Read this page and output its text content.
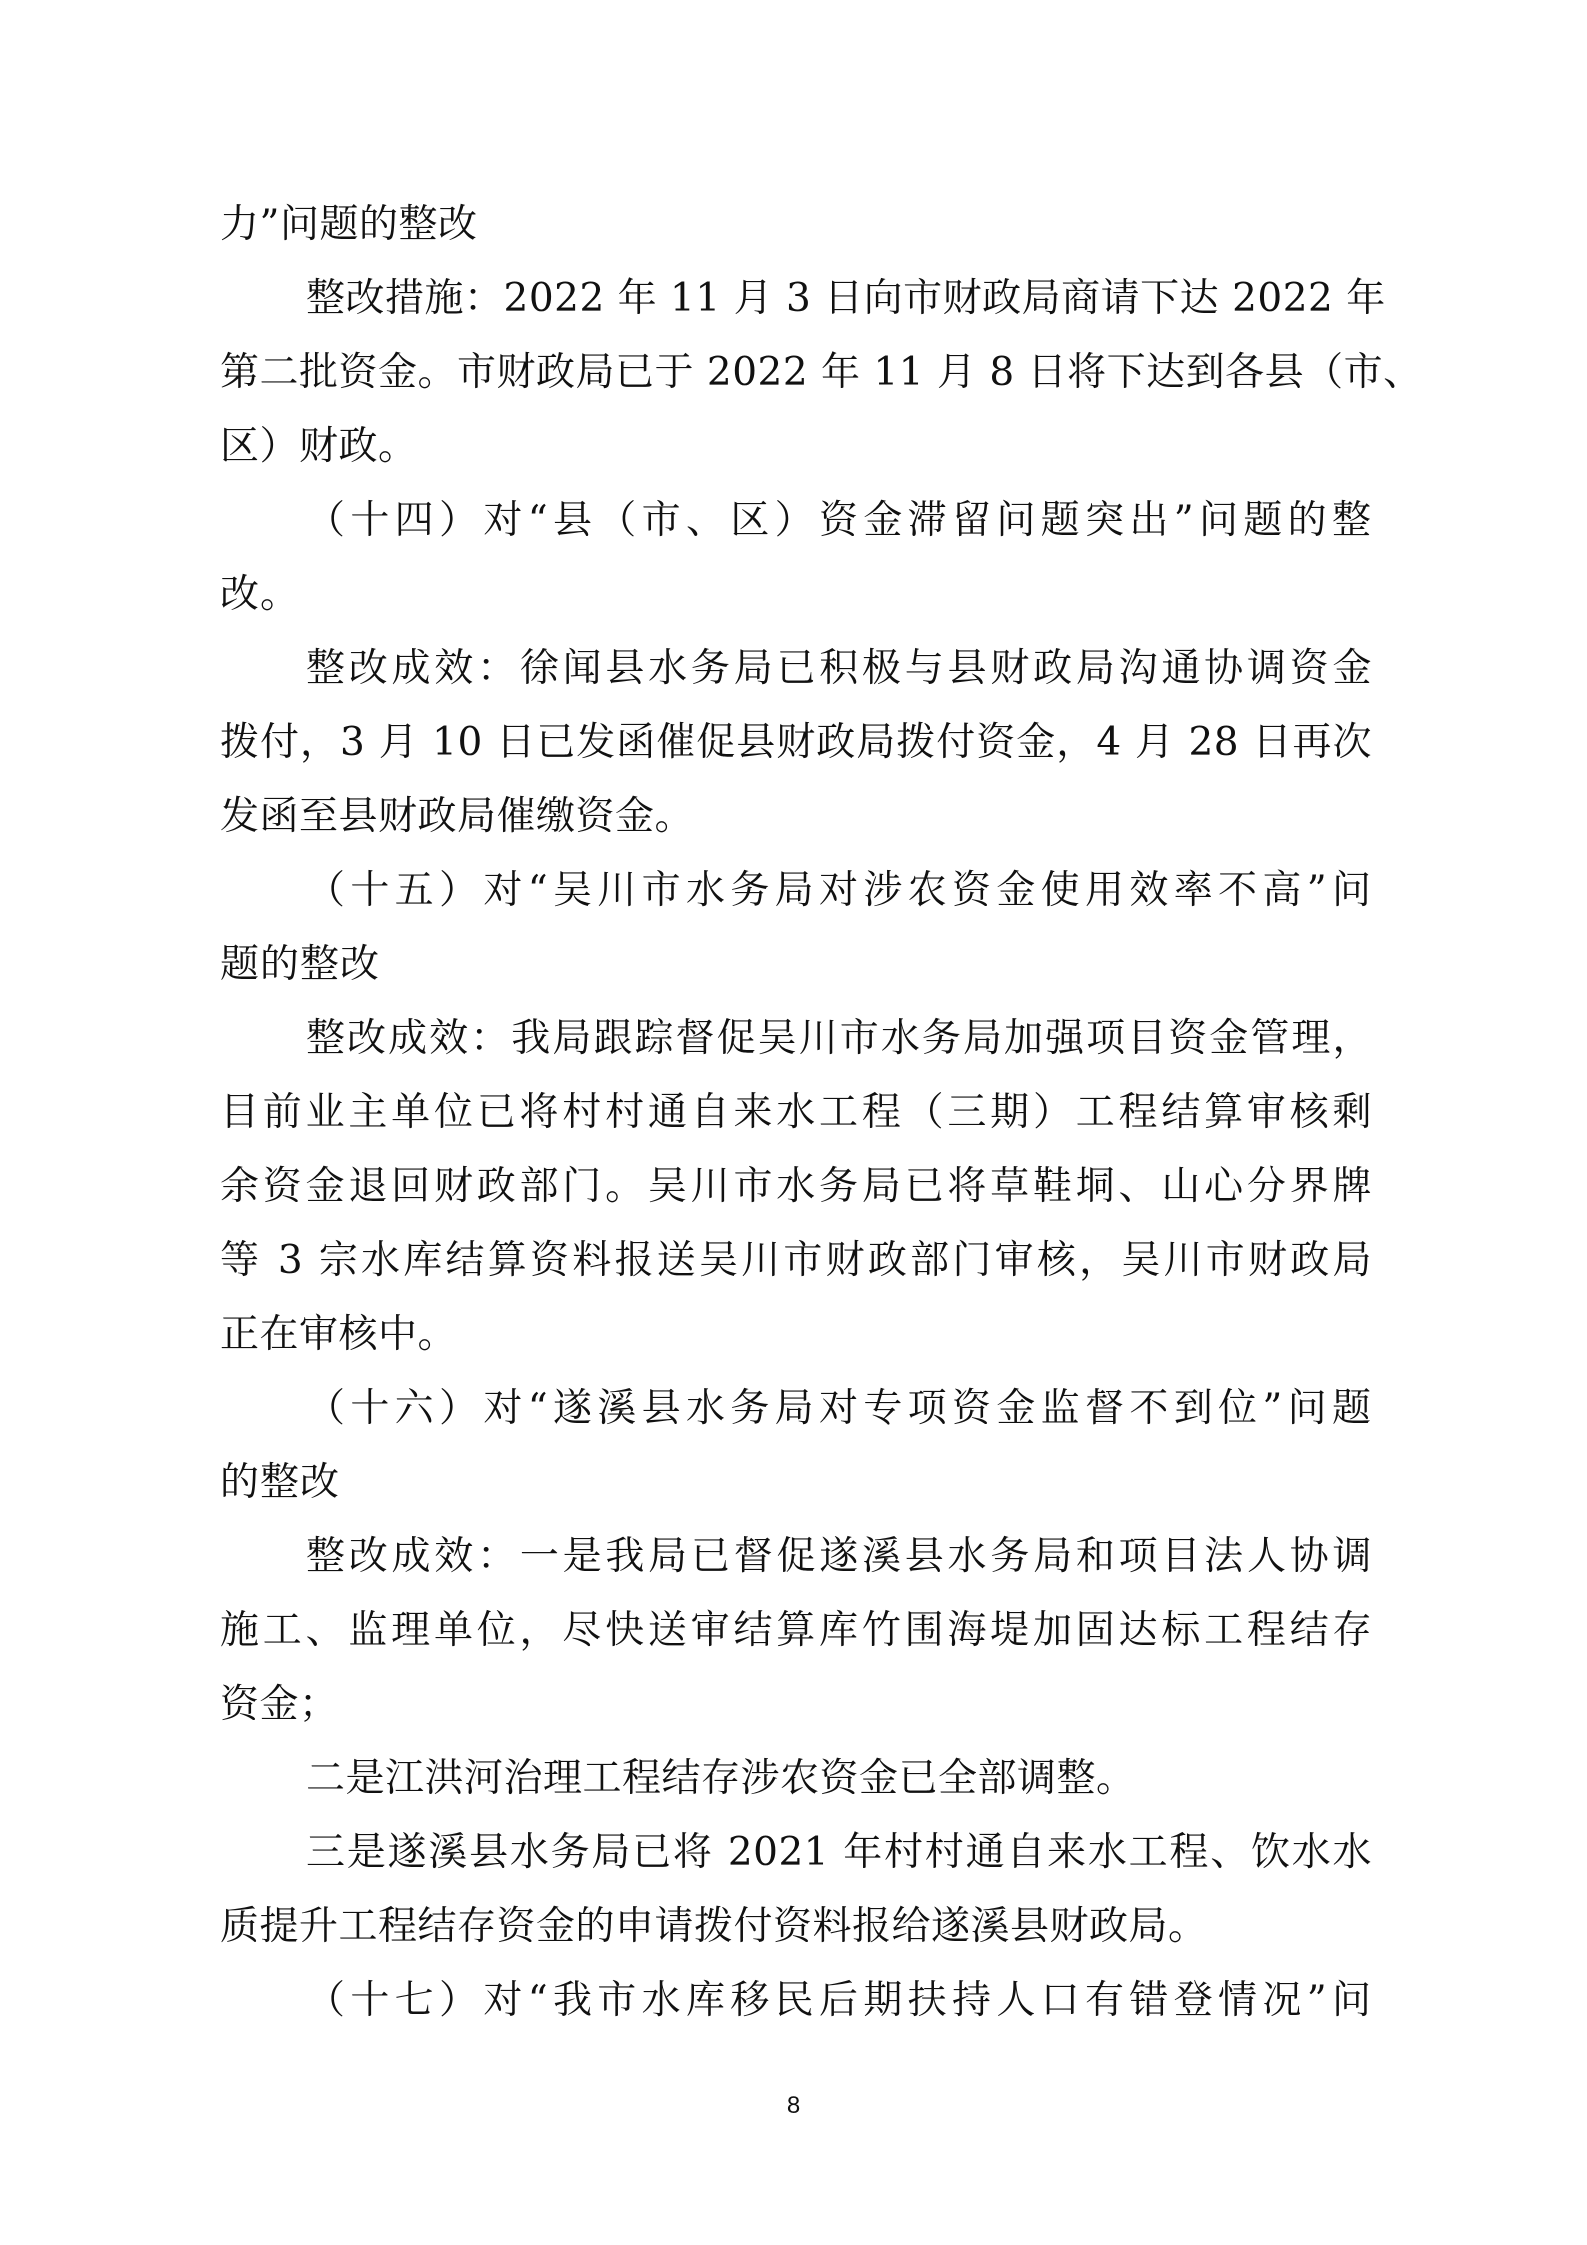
力”问题的整改
整改措施：2022 年 11 月 3 日向市财政局商请下达 2022 年
第二批资金。市财政局已于 2022 年 11 月 8 日将下达到各县（市、
区）财政。
（十四）对“县（市、区）资金滞留问题突出”问题的整
改。
整改成效：徐闻县水务局已积极与县财政局沟通协调资金
拨付，3 月 10 日已发函催促县财政局拨付资金，4 月 28 日再次
发函至县财政局催缴资金。
（十五）对“吴川市水务局对涉农资金使用效率不高”问
题的整改
整改成效：我局跟踪督促吴川市水务局加强项目资金管理，
目前业主单位已将村村通自来水工程（三期）工程结算审核剩
余资金退回财政部门。吴川市水务局已将草鞋垌、山心分界牌
等 3 宗水库结算资料报送吴川市财政部门审核，吴川市财政局
正在审核中。
（十六）对“遂溪县水务局对专项资金监督不到位”问题
的整改
整改成效：一是我局已督促遂溪县水务局和项目法人协调
施工、监理单位，尽快送审结算库竹围海堤加固达标工程结存
资金；
二是江洪河治理工程结存涉农资金已全部调整。
三是遂溪县水务局已将 2021 年村村通自来水工程、饮水水
质提升工程结存资金的申请拨付资料报给遂溪县财政局。
（十七）对“我市水库移民后期扶持人口有错登情况”问
8
